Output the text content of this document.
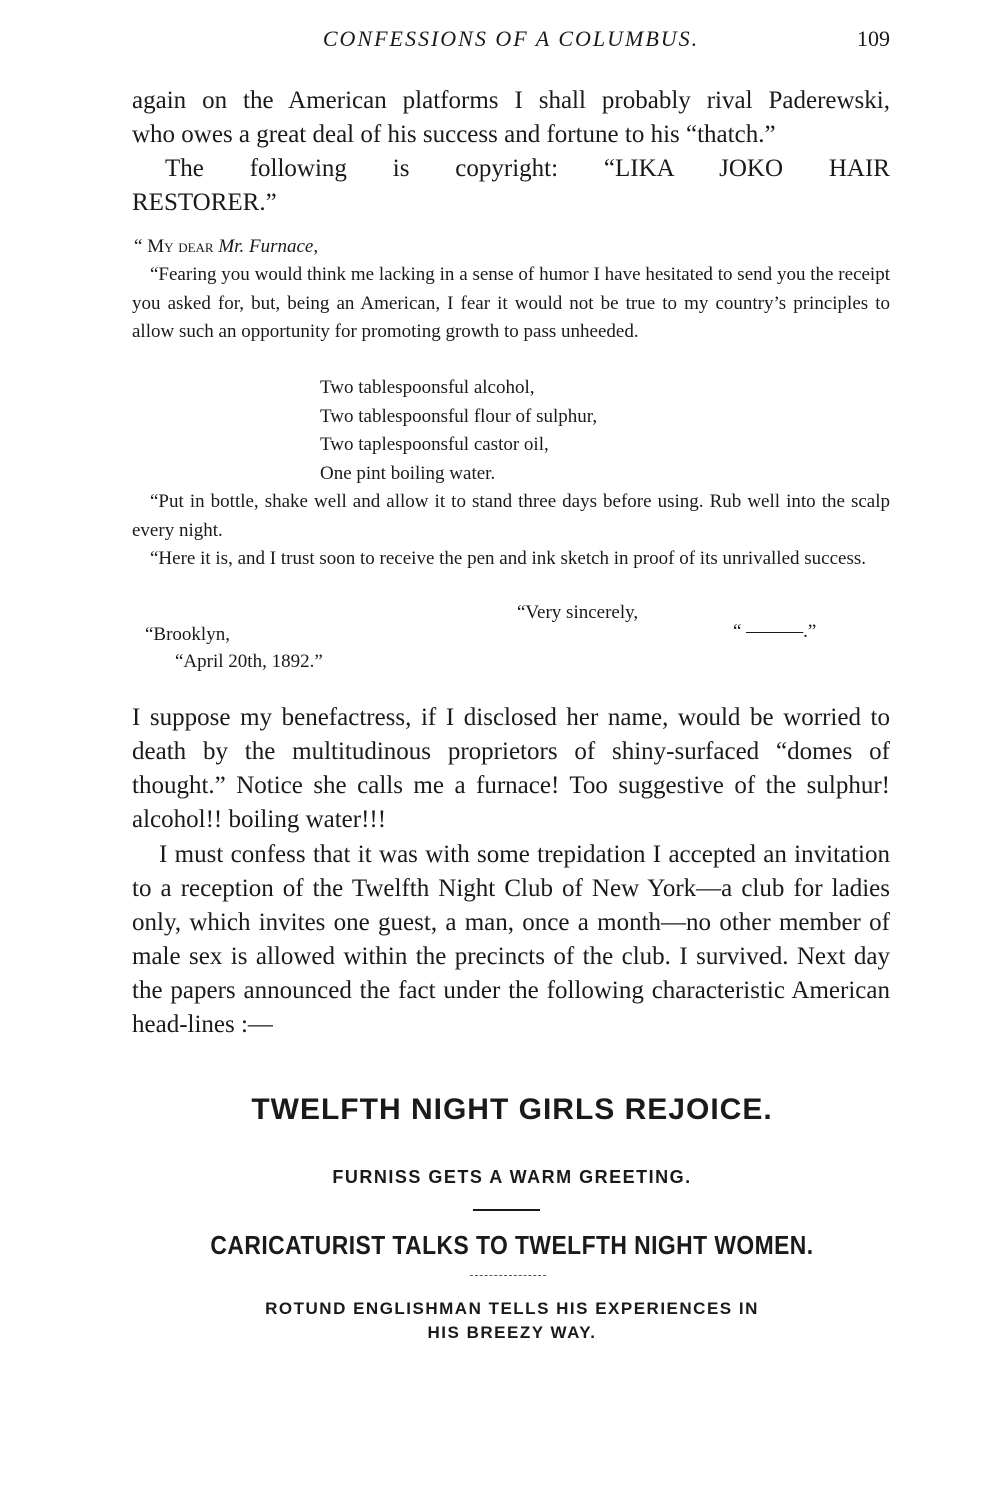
CONFESSIONS OF A COLUMBUS.	109
again on the American platforms I shall probably rival Paderewski,
who owes a great deal of his success and fortune to his “thatch.”
The following is copyright: “LIKA JOKO HAIR
RESTORER.”
“ My dear Mr. Furnace,
“Fearing you would think me lacking in a sense of humor I have hesitated to send you the receipt you asked for, but, being an American, I fear it would not be true to my country’s principles to allow such an opportunity for promoting growth to pass unheeded.
Two tablespoonsful alcohol,
Two tablespoonsful flour of sulphur,
Two taplespoonsful castor oil,
One pint boiling water.
“Put in bottle, shake well and allow it to stand three days before using. Rub well into the scalp every night.
“Here it is, and I trust soon to receive the pen and ink sketch in proof of its unrivalled success.
“Very sincerely,
“ ———.”
“Brooklyn,
“April 20th, 1892.”
I suppose my benefactress, if I disclosed her name, would be worried to death by the multitudinous proprietors of shiny-surfaced “domes of thought.” Notice she calls me a furnace! Too suggestive of the sulphur! alcohol!! boiling water!!!
I must confess that it was with some trepidation I accepted an invitation to a reception of the Twelfth Night Club of New York—a club for ladies only, which invites one guest, a man, once a month—no other member of male sex is allowed within the precincts of the club. I survived. Next day the papers announced the fact under the following characteristic American head-lines :—
TWELFTH NIGHT GIRLS REJOICE.
FURNISS GETS A WARM GREETING.
CARICATURIST TALKS TO TWELFTH NIGHT WOMEN.
ROTUND ENGLISHMAN TELLS HIS EXPERIENCES IN
HIS BREEZY WAY.
